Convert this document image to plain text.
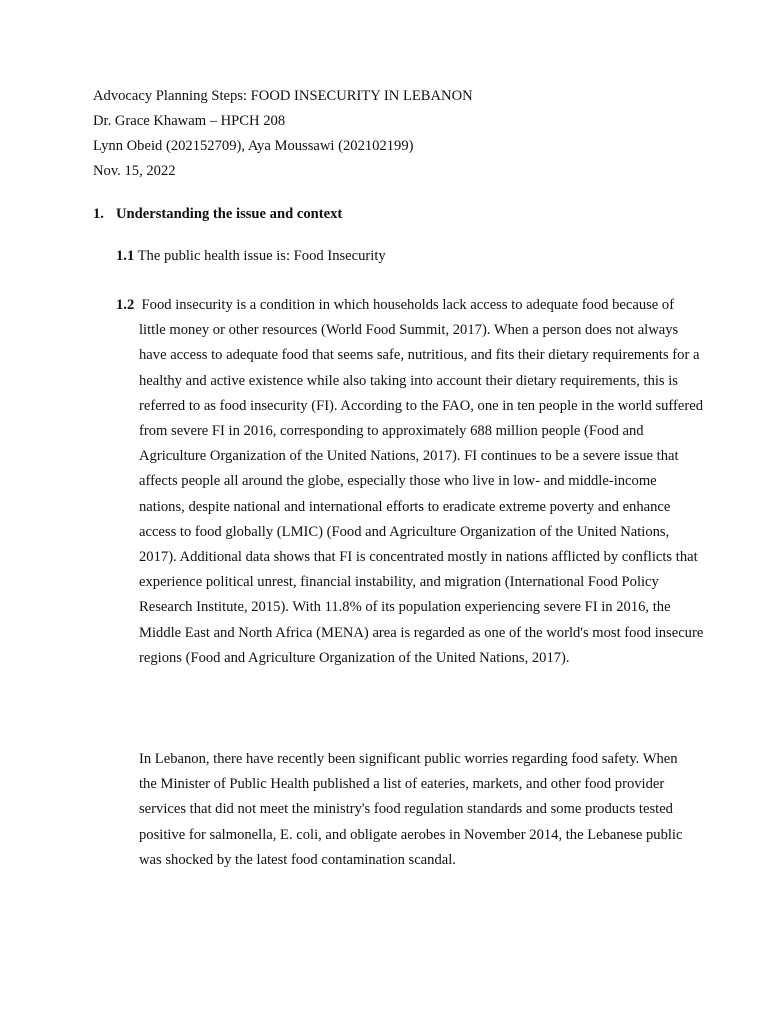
Advocacy Planning Steps: FOOD INSECURITY IN LEBANON

Dr. Grace Khawam – HPCH 208

Lynn Obeid (202152709), Aya Moussawi (202102199)

Nov. 15, 2022

1. Understanding the issue and context

1.1 The public health issue is: Food Insecurity

1.2 Food insecurity is a condition in which households lack access to adequate food because of little money or other resources (World Food Summit, 2017). When a person does not always have access to adequate food that seems safe, nutritious, and fits their dietary requirements for a healthy and active existence while also taking into account their dietary requirements, this is referred to as food insecurity (FI). According to the FAO, one in ten people in the world suffered from severe FI in 2016, corresponding to approximately 688 million people (Food and Agriculture Organization of the United Nations, 2017). FI continues to be a severe issue that affects people all around the globe, especially those who live in low- and middle-income nations, despite national and international efforts to eradicate extreme poverty and enhance access to food globally (LMIC) (Food and Agriculture Organization of the United Nations, 2017). Additional data shows that FI is concentrated mostly in nations afflicted by conflicts that experience political unrest, financial instability, and migration (International Food Policy Research Institute, 2015). With 11.8% of its population experiencing severe FI in 2016, the Middle East and North Africa (MENA) area is regarded as one of the world's most food insecure regions (Food and Agriculture Organization of the United Nations, 2017).

In Lebanon, there have recently been significant public worries regarding food safety. When the Minister of Public Health published a list of eateries, markets, and other food provider services that did not meet the ministry's food regulation standards and some products tested positive for salmonella, E. coli, and obligate aerobes in November 2014, the Lebanese public was shocked by the latest food contamination scandal.
